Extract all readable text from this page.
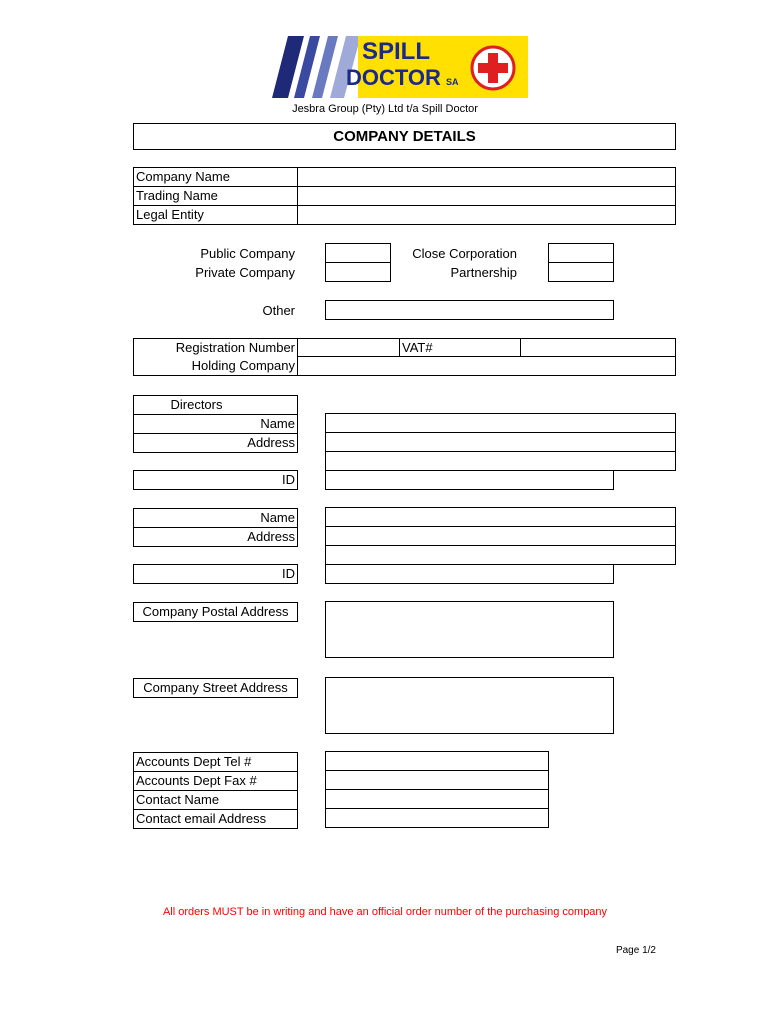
SPILL
DOCTOR SA
Jesbra Group (Pty) Ltd t/a Spill Doctor
COMPANY DETAILS
Company Name
Trading Name
Legal Entity
Public Company
Private Company
Close Corporation
Partnership
Other
Registration Number	VAT#
Holding Company
Directors
Name
Address
ID
Name
Address
ID
Company Postal Address
Company Street Address
Accounts Dept Tel #
Accounts Dept Fax #
Contact Name
Contact email Address
All orders MUST be in writing and have an official order number of the purchasing company
Page 1/2
